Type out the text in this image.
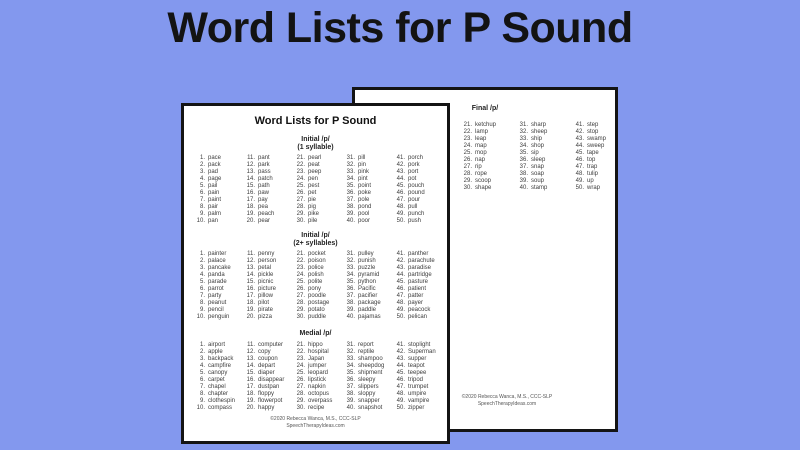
Word Lists for P Sound
Final /p/
21. ketchup
22. lamp
23. leap
24. map
25. mop
26. nap
27. rip
28. rope
29. scoop
30. shape
31. sharp
32. sheep
33. ship
34. shop
35. sip
36. sleep
37. snap
38. soap
39. soup
40. stamp
41. step
42. stop
43. swamp
44. sweep
45. tape
46. top
47. trap
48. tulip
49. up
50. wrap
©2020 Rebecca Wanca, M.S., CCC-SLP
SpeechTherapyIdeas.com
Word Lists for P Sound
Initial /p/
(1 syllable)
1. pace
2. pack
3. pad
4. page
5. pail
6. pain
7. paint
8. pair
9. palm
10. pan
11. pant
12. park
13. pass
14. patch
15. path
16. paw
17. pay
18. pea
19. peach
20. pear
21. pearl
22. peat
23. peep
24. pen
25. pest
26. pet
27. pie
28. pig
29. pike
30. pile
31. pill
32. pin
33. pink
34. pint
35. point
36. poke
37. pole
38. pond
39. pool
40. poor
41. porch
42. pork
43. port
44. pot
45. pouch
46. pound
47. pour
48. pull
49. punch
50. push
Initial /p/
(2+ syllables)
1. painter
2. palace
3. pancake
4. panda
5. parade
6. parrot
7. party
8. peanut
9. pencil
10. penguin
11. penny
12. person
13. petal
14. pickle
15. picnic
16. picture
17. pillow
18. pilot
19. pirate
20. pizza
21. pocket
22. poison
23. police
24. polish
25. polite
26. pony
27. poodle
28. postage
29. potato
30. puddle
31. pulley
32. punish
33. puzzle
34. pyramid
35. python
36. Pacific
37. pacifier
38. package
39. paddle
40. pajamas
41. panther
42. parachute
43. paradise
44. partridge
45. pasture
46. patient
47. patter
48. payer
49. peacock
50. pelican
Medial /p/
1. airport
2. apple
3. backpack
4. campfire
5. canopy
6. carpet
7. chapel
8. chapter
9. clothespin
10. compass
11. computer
12. copy
13. coupon
14. depart
15. diaper
16. disappear
17. dustpan
18. floppy
19. flowerpot
20. happy
21. hippo
22. hospital
23. Japan
24. jumper
25. leopard
26. lipstick
27. napkin
28. octopus
29. overpass
30. recipe
31. report
32. reptile
33. shampoo
34. sheepdog
35. shipment
36. sleepy
37. slippers
38. sloppy
39. snapper
40. snapshot
41. stoplight
42. Superman
43. supper
44. teapot
45. teepee
46. tripod
47. trumpet
48. umpire
49. vampire
50. zipper
©2020 Rebecca Wanca, M.S., CCC-SLP
SpeechTherapyIdeas.com
